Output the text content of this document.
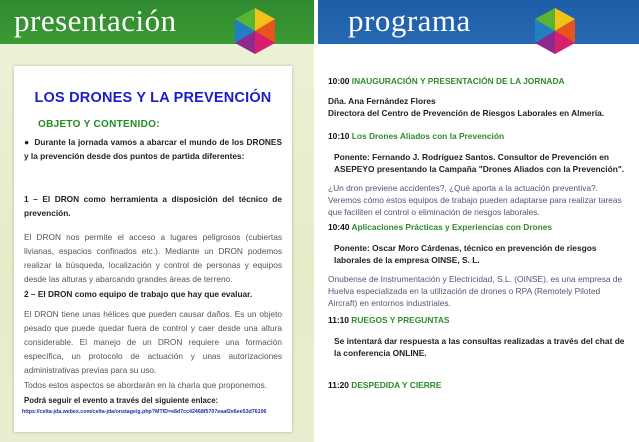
presentación
LOS DRONES Y LA PREVENCIÓN
OBJETO Y CONTENIDO:
● Durante la jornada vamos a abarcar el mundo de los DRONES y la prevención desde dos puntos de partida diferentes:
1 – El DRON como herramienta a disposición del técnico de prevención.
El DRON nos permite el acceso a lugares peligrosos (cubiertas livianas, espacios confinados etc.). Mediante un DRON podemos realizar la búsqueda, localización y control de personas y equipos desde las alturas y abarcando grandes áreas de terreno.
2 – El DRON como equipo de trabajo que hay que evaluar.
El DRON tiene unas hélices que pueden causar daños. Es un objeto pesado que puede quedar fuera de control y caer desde una altura considerable. El manejo de un DRON requiere una formación específica, un protocolo de actuación y unas autorizaciones administrativas previas para su uso.
Todos estos aspectos se abordarán en la charla que proponemos.
Podrá seguir el evento a través del siguiente enlace:
https://celta-jda.webex.com/celta-jda/onstage/g.php?MTID=e8d7cc42468f5707eaaf2e6ee53d76106
programa
10:00 INAUGURACIÓN Y PRESENTACIÓN DE LA JORNADA
Dña. Ana Fernández Flores
Directora del Centro de Prevención de Riesgos Laborales en Almería.
10:10 Los Drones Aliados con la Prevención
Ponente: Fernando J. Rodríguez Santos. Consultor de Prevención en ASEPEYO presentando la Campaña "Drones Aliados con la Prevención".
¿Un dron previene accidentes?, ¿Qué aporta a la actuación preventiva?. Veremos cómo estos equipos de trabajo pueden adaptarse para realizar tareas que faciliten el control o eliminación de riesgos laborales.
10:40 Aplicaciones Prácticas y Experiencias con Drones
Ponente: Oscar Moro Cárdenas, técnico en prevención de riesgos laborales de la empresa OINSE, S. L.
Onubense de Instrumentación y Electricidad, S.L. (OINSE), es una empresa de Huelva especializada en la utilización de drones o RPA (Remotely Piloted Aircraft) en entornos industriales.
11:10 RUEGOS Y PREGUNTAS
Se intentará dar respuesta a las consultas realizadas a través del chat de la conferencia ONLINE.
11:20 DESPEDIDA Y CIERRE
